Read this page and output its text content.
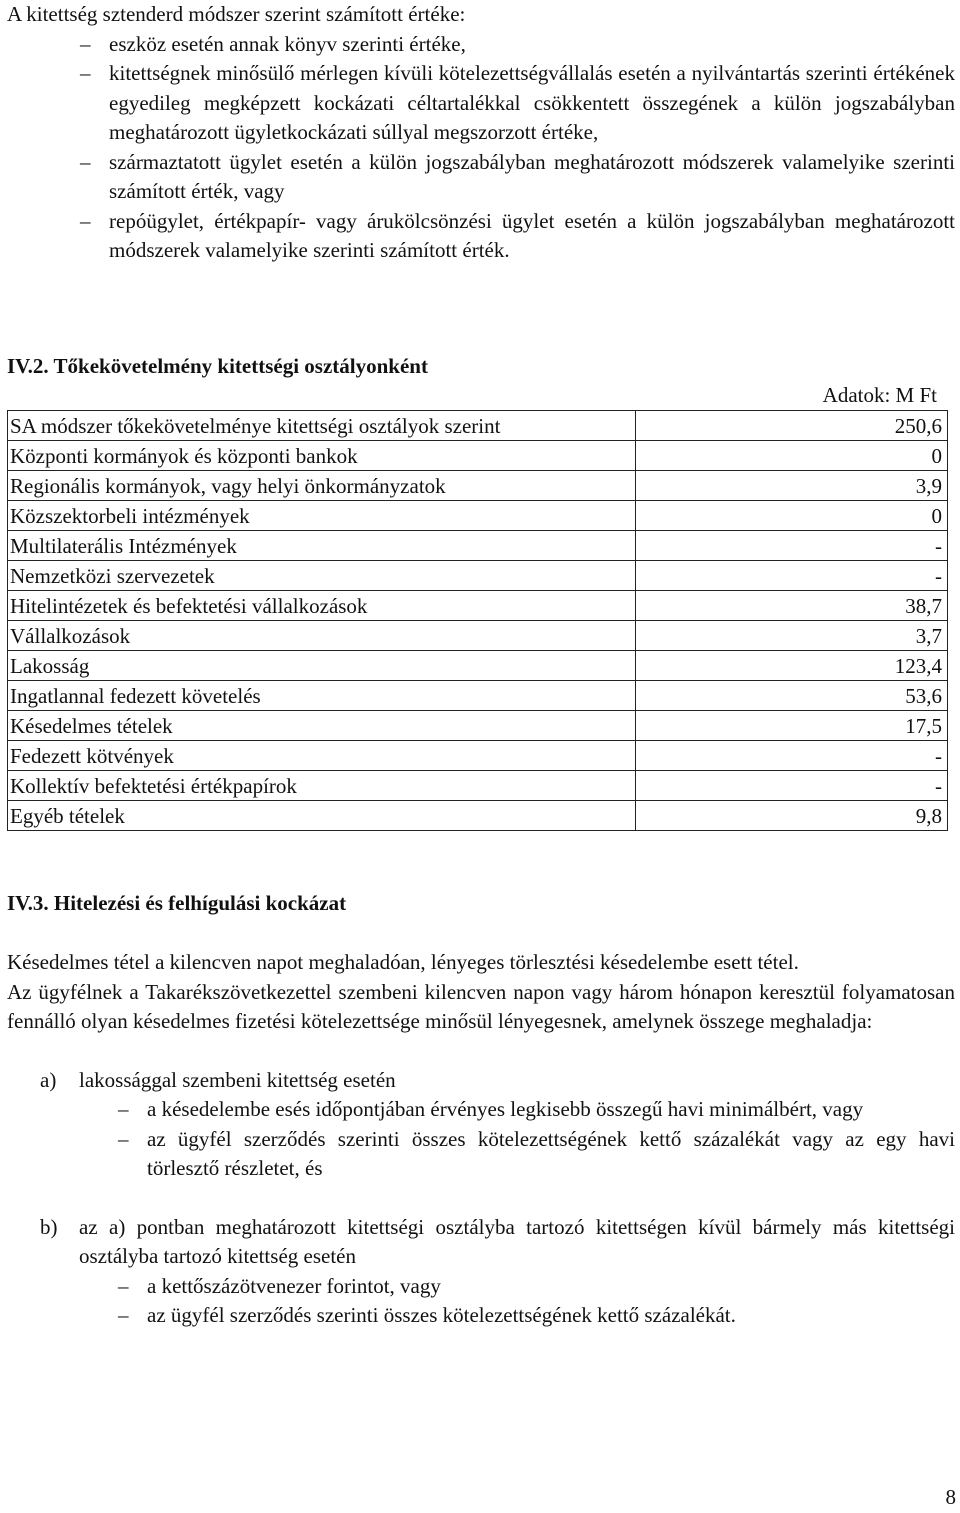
A kitettség sztenderd módszer szerint számított értéke:

– eszköz esetén annak könyv szerinti értéke,
– kitettségnek minősülő mérlegen kívüli kötelezettségvállalás esetén a nyilvántartás szerinti értékének egyedileg megképzett kockázati céltartalékkal csökkentett összegének a külön jogszabályban meghatározott ügyletkockázati súllyal megszorzott értéke,
– származtatott ügylet esetén a külön jogszabályban meghatározott módszerek valamelyike szerinti számított érték, vagy
– repóügylet, értékpapír- vagy árukölcsönzési ügylet esetén a külön jogszabályban meghatározott módszerek valamelyike szerinti számított érték.

IV.2. Tőkekövetelmény kitettségi osztályonként

Adatok: M Ft

SA módszer tőkekövetelménye kitettségi osztályok szerint	250,6
Központi kormányok és központi bankok	0
Regionális kormányok, vagy helyi önkormányzatok	3,9
Közszektorbeli intézmények	0
Multilaterális Intézmények	-
Nemzetközi szervezetek	-
Hitelintézetek és befektetési vállalkozások	38,7
Vállalkozások	3,7
Lakosság	123,4
Ingatlannal fedezett követelés	53,6
Késedelmes tételek	17,5
Fedezett kötvények	-
Kollektív befektetési értékpapírok	-
Egyéb tételek	9,8

IV.3. Hitelezési és felhígulási kockázat

Késedelmes tétel a kilencven napot meghaladóan, lényeges törlesztési késedelembe esett tétel.

Az ügyfélnek a Takarékszövetkezettel szembeni kilencven napon vagy három hónapon keresztül folyamatosan fennálló olyan késedelmes fizetési kötelezettsége minősül lényegesnek, amelynek összege meghaladja:

a) lakossággal szembeni kitettség esetén
– a késedelembe esés időpontjában érvényes legkisebb összegű havi minimálbért, vagy
– az ügyfél szerződés szerinti összes kötelezettségének kettő százalékát vagy az egy havi törlesztő részletet, és
b) az a) pontban meghatározott kitettségi osztályba tartozó kitettségen kívül bármely más kitettségi osztályba tartozó kitettség esetén
– a kettőszázötvenezer forintot, vagy
– az ügyfél szerződés szerinti összes kötelezettségének kettő százalékát.

8
